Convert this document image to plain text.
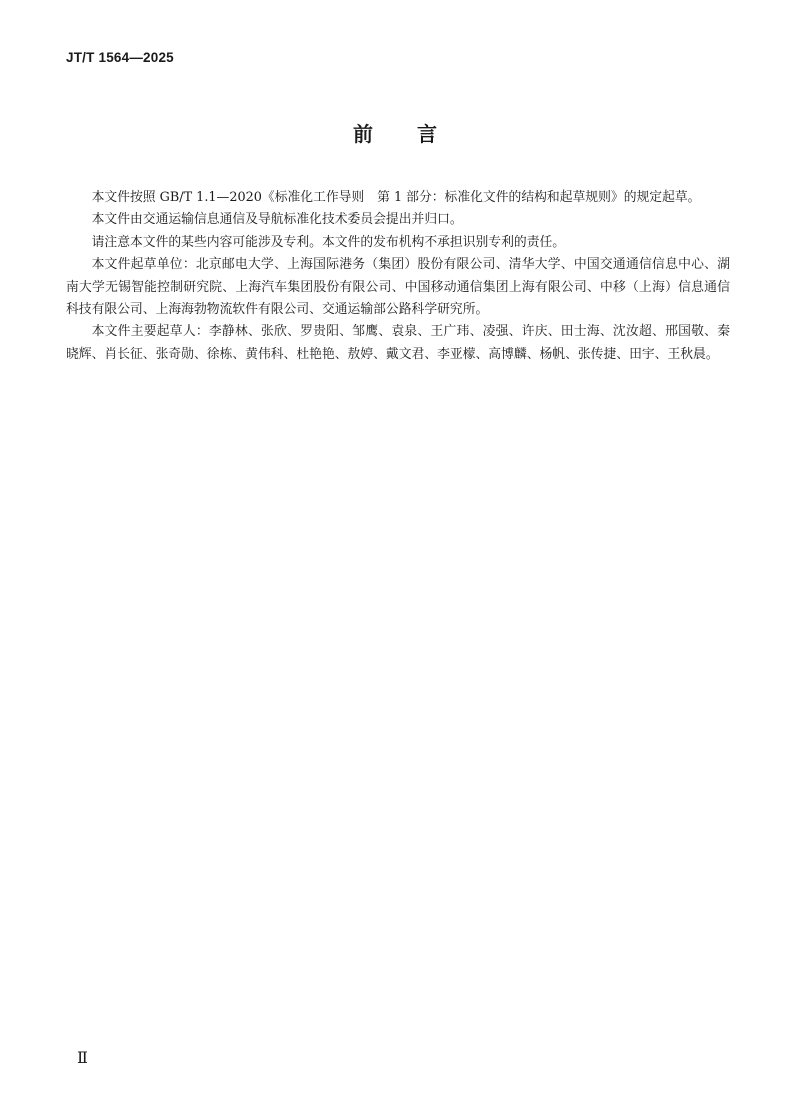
JT/T 1564—2025
前 言

本文件按照 GB/T 1.1—2020《标准化工作导则　第 1 部分：标准化文件的结构和起草规则》的规定起草。

本文件由交通运输信息通信及导航标准化技术委员会提出并归口。

请注意本文件的某些内容可能涉及专利。本文件的发布机构不承担识别专利的责任。

本文件起草单位：北京邮电大学、上海国际港务（集团）股份有限公司、清华大学、中国交通通信信息中心、湖南大学无锡智能控制研究院、上海汽车集团股份有限公司、中国移动通信集团上海有限公司、中移（上海）信息通信科技有限公司、上海海勃物流软件有限公司、交通运输部公路科学研究所。

本文件主要起草人：李静林、张欣、罗贵阳、邹鹰、袁泉、王广玮、凌强、许庆、田士海、沈汝超、邢国敬、秦晓辉、肖长征、张奇勋、徐栋、黄伟科、杜艳艳、敖婷、戴文君、李亚檬、高博麟、杨帆、张传捷、田宇、王秋晨。

Ⅱ
